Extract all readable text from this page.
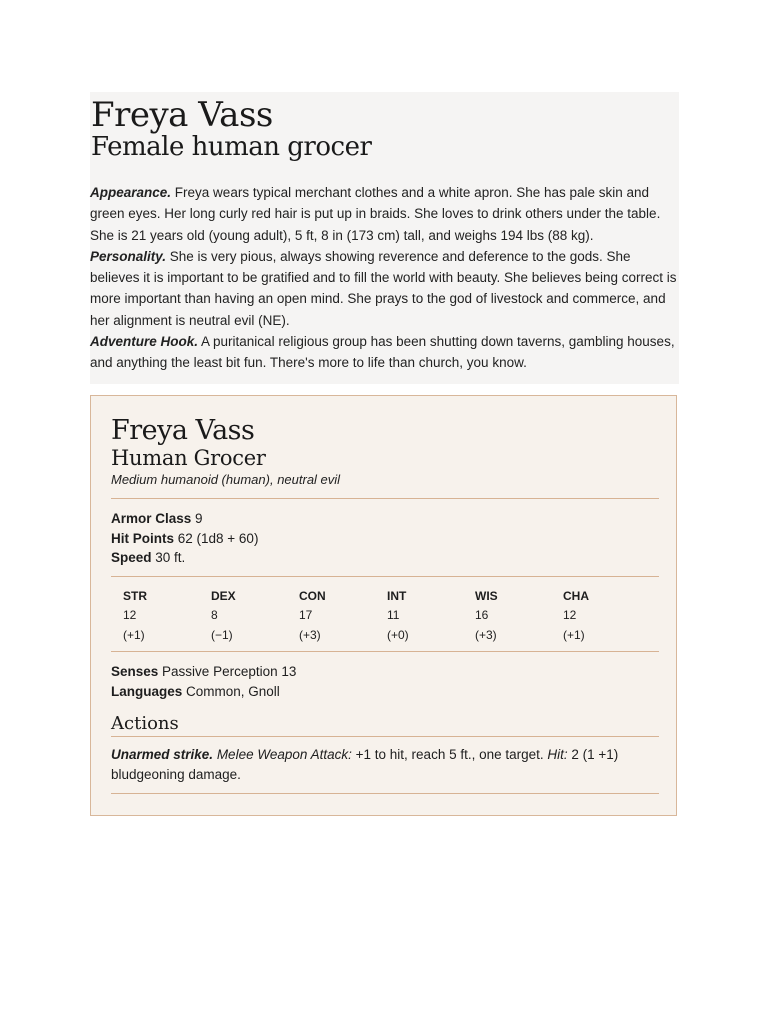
Freya Vass
Female human grocer

Appearance. Freya wears typical merchant clothes and a white apron. She has pale skin and green eyes. Her long curly red hair is put up in braids. She loves to drink others under the table. She is 21 years old (young adult), 5 ft, 8 in (173 cm) tall, and weighs 194 lbs (88 kg).

Personality. She is very pious, always showing reverence and deference to the gods. She believes it is important to be gratified and to fill the world with beauty. She believes being correct is more important than having an open mind. She prays to the god of livestock and commerce, and her alignment is neutral evil (NE).

Adventure Hook. A puritanical religious group has been shutting down taverns, gambling houses, and anything the least bit fun. There's more to life than church, you know.

Freya Vass
Human Grocer
Medium humanoid (human), neutral evil
Armor Class 9
Hit Points 62 (1d8 + 60)
Speed 30 ft.
STR
12
(+1)
DEX
8
(−1)
CON
17
(+3)
INT
11
(+0)
WIS
16
(+3)
CHA
12
(+1)
Senses Passive Perception 13
Languages Common, Gnoll
Actions
Unarmed strike. Melee Weapon Attack: +1 to hit, reach 5 ft., one target. Hit: 2 (1 +1) bludgeoning damage.
